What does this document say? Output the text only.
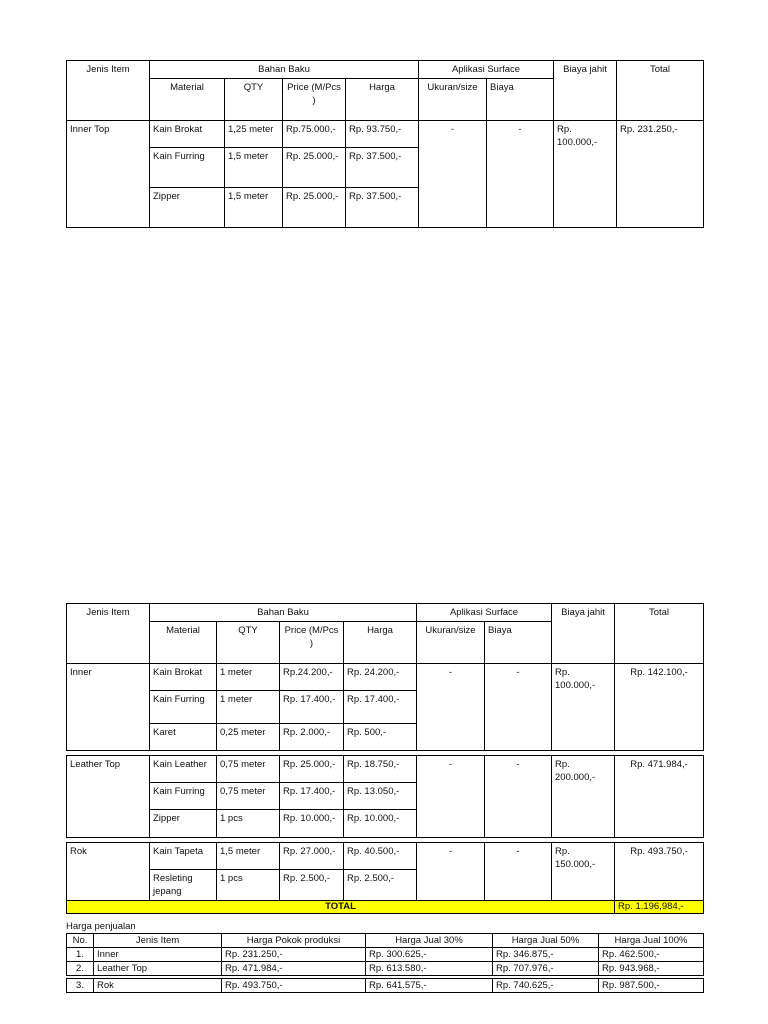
Jenis Item	Bahan Baku				Aplikasi Surface		Biaya jahit	Total
	Material	QTY	Price (M/Pcs )	Harga	Ukuran/size	Biaya		
Inner Top	Kain Brokat	1,25 meter	Rp.75.000,-	Rp. 93.750,-	-	-	Rp. 100.000,-	Rp. 231.250,-
	Kain Furring	1,5 meter	Rp. 25.000,-	Rp. 37.500,-				
	Zipper	1,5 meter	Rp. 25.000,-	Rp. 37.500,-				
Jenis Item	Bahan Baku				Aplikasi Surface		Biaya jahit	Total
	Material	QTY	Price (M/Pcs )	Harga	Ukuran/size	Biaya		
Inner	Kain Brokat	1 meter	Rp.24.200,-	Rp. 24.200,-	-	-	Rp. 100.000,-	Rp. 142.100,-
	Kain Furring	1 meter	Rp. 17.400,-	Rp. 17.400,-				
	Karet	0,25 meter	Rp. 2.000,-	Rp. 500,-				

Leather Top	Kain Leather	0,75 meter	Rp. 25.000,-	Rp. 18.750,-	-	-	Rp. 200.000,-	Rp. 471.984,-
	Kain Furring	0,75 meter	Rp. 17.400,-	Rp. 13.050,-				
	Zipper	1 pcs	Rp. 10.000,-	Rp. 10.000,-				

Rok	Kain Tapeta	1,5 meter	Rp. 27.000,-	Rp. 40.500,-	-	-	Rp. 150.000,-	Rp. 493.750,-
	Resleting jepang	1 pcs	Rp. 2.500,-	Rp. 2.500,-				
TOTAL								Rp. 1.196,984,-
Harga penjualan
No.	Jenis Item	Harga Pokok produksi	Harga Jual 30%	Harga Jual 50%	Harga Jual 100%
1.	Inner	Rp. 231.250,-	Rp. 300.625,-	Rp. 346.875,-	Rp. 462.500,-
2.	Leather Top	Rp. 471.984,-	Rp. 613.580,-	Rp. 707.976,-	Rp. 943.968,-

3.	Rok	Rp. 493.750,-	Rp. 641.575,-	Rp. 740.625,-	Rp. 987.500,-
